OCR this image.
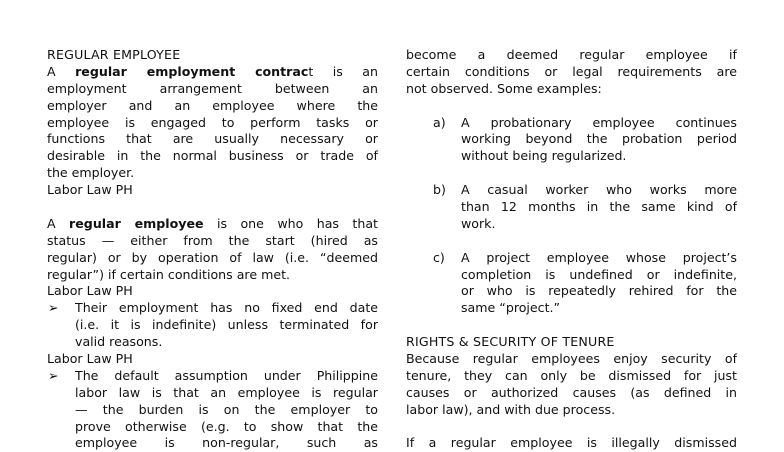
REGULAR EMPLOYEE
A regular employment contract is an
employment arrangement between an
employer and an employee where the
employee is engaged to perform tasks or
functions that are usually necessary or
desirable in the normal business or trade of
the employer.
Labor Law PH
A regular employee is one who has that
status — either from the start (hired as
regular) or by operation of law (i.e. “deemed
regular”) if certain conditions are met.
Labor Law PH
➢ Their employment has no fixed end date
(i.e. it is indefinite) unless terminated for
valid reasons.
Labor Law PH
➢ The default assumption under Philippine
labor law is that an employee is regular
— the burden is on the employer to
prove otherwise (e.g. to show that the
employee is non-regular, such as
become a deemed regular employee if
certain conditions or legal requirements are
not observed. Some examples:
a) A probationary employee continues
working beyond the probation period
without being regularized.
b) A casual worker who works more
than 12 months in the same kind of
work.
c) A project employee whose project’s
completion is undefined or indefinite,
or who is repeatedly rehired for the
same “project.”
RIGHTS & SECURITY OF TENURE
Because regular employees enjoy security of
tenure, they can only be dismissed for just
causes or authorized causes (as defined in
labor law), and with due process.
If a regular employee is illegally dismissed
